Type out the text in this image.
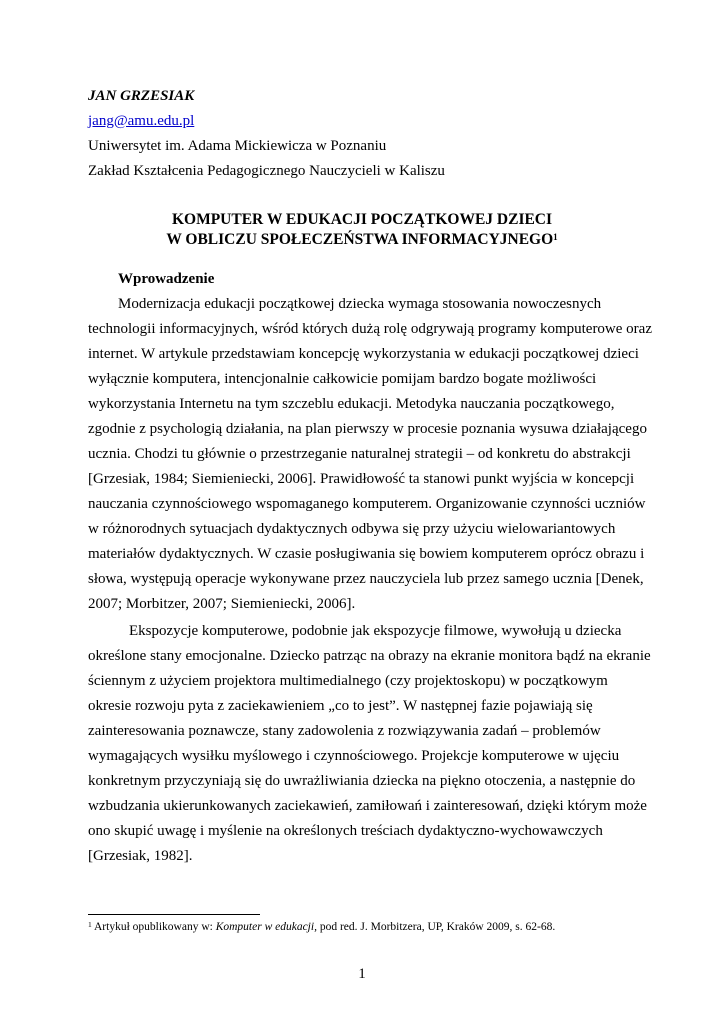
JAN GRZESIAK
jang@amu.edu.pl
Uniwersytet im. Adama Mickiewicza w Poznaniu
Zakład Kształcenia Pedagogicznego Nauczycieli w Kaliszu
KOMPUTER W EDUKACJI POCZĄTKOWEJ DZIECI
W OBLICZU SPOŁECZEŃSTWA INFORMACYJNEGO$^1$
Wprowadzenie
Modernizacja edukacji początkowej dziecka wymaga stosowania nowoczesnych
technologii informacyjnych, wśród których dużą rolę odgrywają programy komputerowe oraz
internet. W artykule przedstawiam koncepcję wykorzystania w edukacji początkowej dzieci
wyłącznie komputera, intencjonalnie całkowicie pomijam bardzo bogate możliwości
wykorzystania Internetu na tym szczeblu edukacji. Metodyka nauczania początkowego,
zgodnie z psychologią działania, na plan pierwszy w procesie poznania wysuwa działającego
ucznia. Chodzi tu głównie o przestrzeganie naturalnej strategii – od konkretu do abstrakcji
[Grzesiak, 1984; Siemieniecki, 2006]. Prawidłowość ta stanowi punkt wyjścia w koncepcji
nauczania czynnościowego wspomaganego komputerem. Organizowanie czynności uczniów
w różnorodnych sytuacjach dydaktycznych odbywa się przy użyciu wielowariantowych
materiałów dydaktycznych. W czasie posługiwania się bowiem komputerem oprócz obrazu i
słowa, występują operacje wykonywane przez nauczyciela lub przez samego ucznia [Denek,
2007; Morbitzer, 2007; Siemieniecki, 2006].
Ekspozycje komputerowe, podobnie jak ekspozycje filmowe, wywołują u dziecka
określone stany emocjonalne. Dziecko patrząc na obrazy na ekranie monitora bądź na ekranie
ściennym z użyciem projektora multimedialnego (czy projektoskopu) w początkowym
okresie rozwoju pyta z zaciekawieniem „co to jest”. W następnej fazie pojawiają się
zainteresowania poznawcze, stany zadowolenia z rozwiązywania zadań – problemów
wymagających wysiłku myślowego i czynnościowego. Projekcje komputerowe w ujęciu
konkretnym przyczyniają się do uwrażliwiania dziecka na piękno otoczenia, a następnie do
wzbudzania ukierunkowanych zaciekawień, zamiłowań i zainteresowań, dzięki którym może
ono skupić uwagę i myślenie na określonych treściach dydaktyczno-wychowawczych
[Grzesiak, 1982].
$^1$ Artykuł opublikowany w: Komputer w edukacji, pod red. J. Morbitzera, UP, Kraków 2009, s. 62-68.
1
